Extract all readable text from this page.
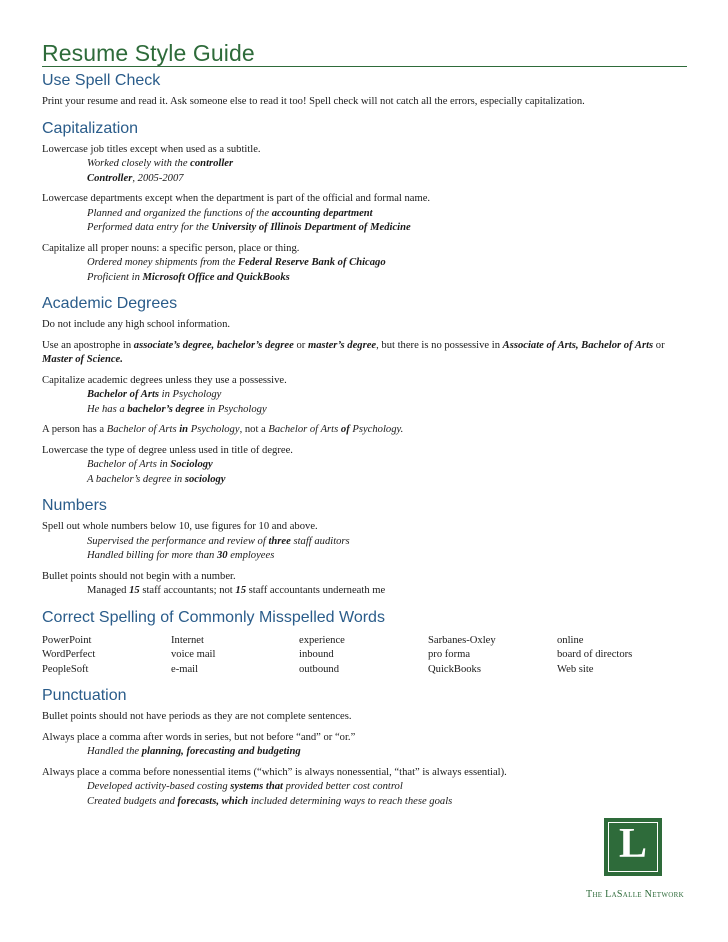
Resume Style Guide
Use Spell Check
Print your resume and read it. Ask someone else to read it too! Spell check will not catch all the errors, especially capitalization.
Capitalization
Lowercase job titles except when used as a subtitle.
Worked closely with the controller
Controller, 2005-2007
Lowercase departments except when the department is part of the official and formal name.
Planned and organized the functions of the accounting department
Performed data entry for the University of Illinois Department of Medicine
Capitalize all proper nouns: a specific person, place or thing.
Ordered money shipments from the Federal Reserve Bank of Chicago
Proficient in Microsoft Office and QuickBooks
Academic Degrees
Do not include any high school information.
Use an apostrophe in associate’s degree, bachelor’s degree or master’s degree, but there is no possessive in Associate of Arts, Bachelor of Arts or Master of Science.
Capitalize academic degrees unless they use a possessive.
Bachelor of Arts in Psychology
He has a bachelor’s degree in Psychology
A person has a Bachelor of Arts in Psychology, not a Bachelor of Arts of Psychology.
Lowercase the type of degree unless used in title of degree.
Bachelor of Arts in Sociology
A bachelor’s degree in sociology
Numbers
Spell out whole numbers below 10, use figures for 10 and above.
Supervised the performance and review of three staff auditors
Handled billing for more than 30 employees
Bullet points should not begin with a number.
Managed 15 staff accountants; not 15 staff accountants underneath me
Correct Spelling of Commonly Misspelled Words
PowerPoint	Internet	experience	Sarbanes-Oxley	online
WordPerfect	voice mail	inbound	pro forma	board of directors
PeopleSoft	e-mail	outbound	QuickBooks	Web site
Punctuation
Bullet points should not have periods as they are not complete sentences.
Always place a comma after words in series, but not before “and” or “or.”
Handled the planning, forecasting and budgeting
Always place a comma before nonessential items (“which” is always nonessential, “that” is always essential).
Developed activity-based costing systems that provided better cost control
Created budgets and forecasts, which included determining ways to reach these goals
L
The LaSalle Network
